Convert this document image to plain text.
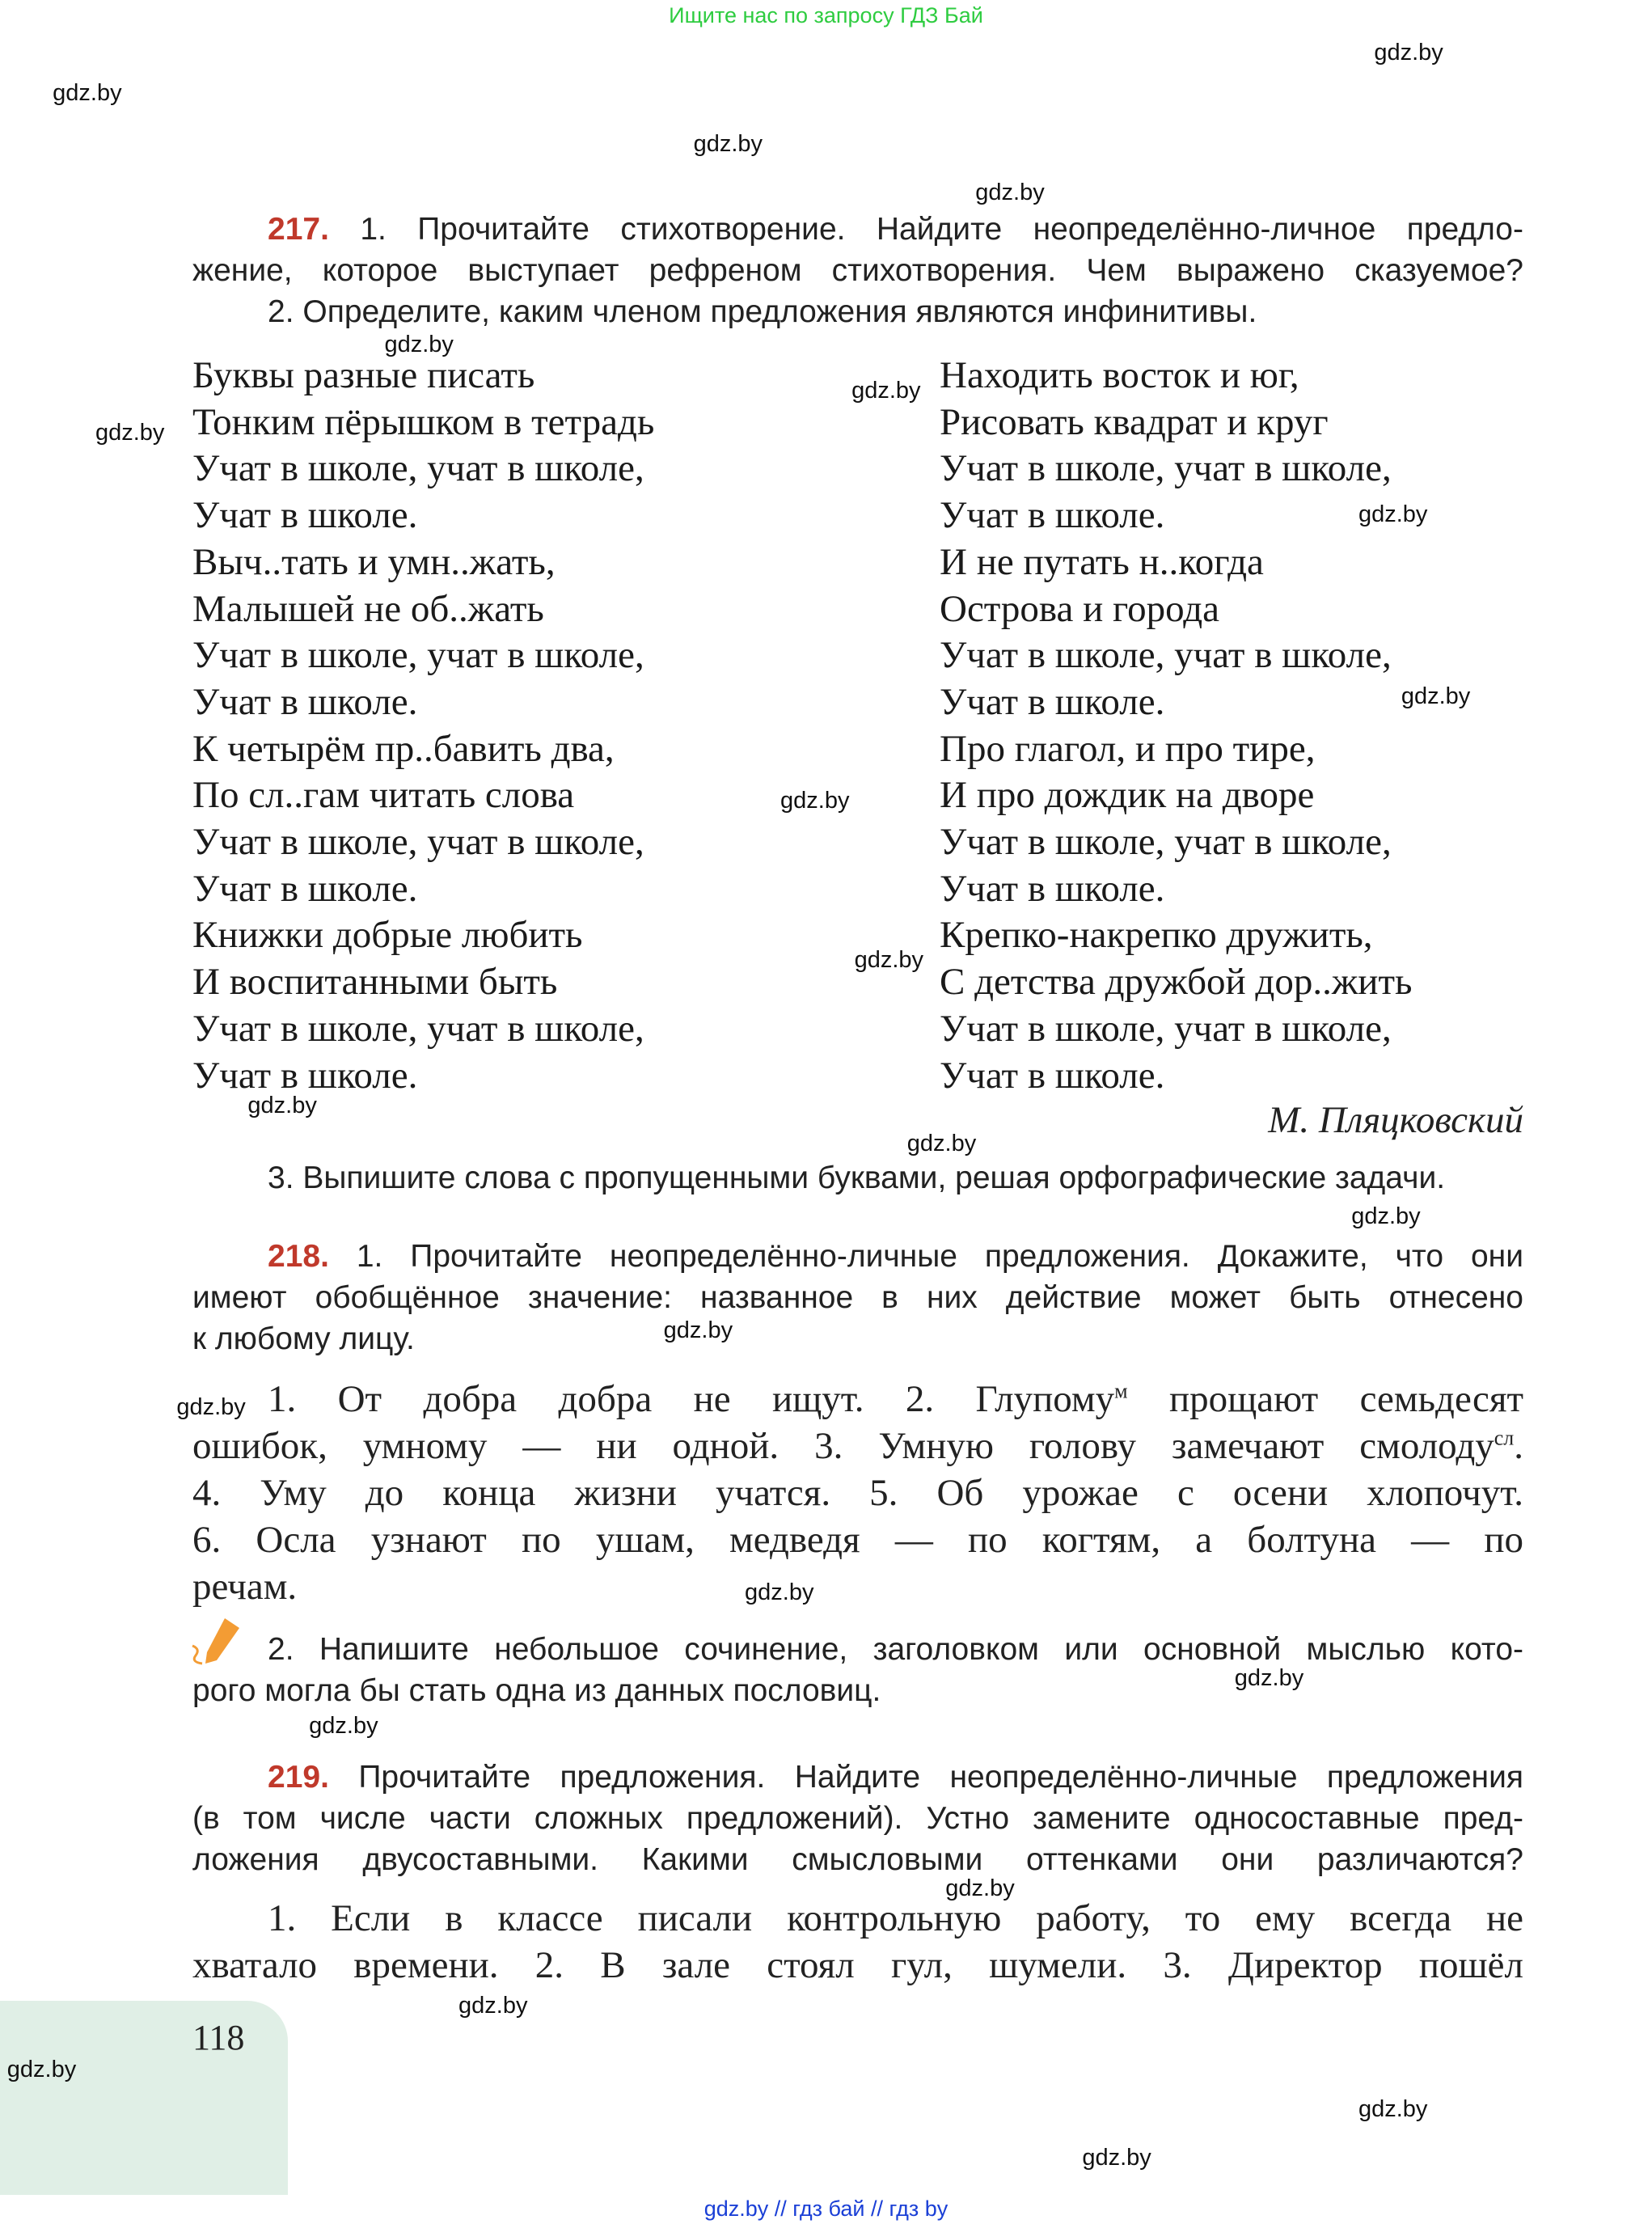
Ищите нас по запросу ГДЗ Бай
217. 1. Прочитайте стихотворение. Найдите неопределённо-личное предло-
жение, которое выступает рефреном стихотворения. Чем выражено сказуемое?
2. Определите, каким членом предложения являются инфинитивы.
Буквы разные писать
Тонким пёрышком в тетрадь
Учат в школе, учат в школе,
Учат в школе.
Выч..тать и умн..жать,
Малышей не об..жать
Учат в школе, учат в школе,
Учат в школе.
К четырём пр..бавить два,
По сл..гам читать слова
Учат в школе, учат в школе,
Учат в школе.
Книжки добрые любить
И воспитанными быть
Учат в школе, учат в школе,
Учат в школе.
Находить восток и юг,
Рисовать квадрат и круг
Учат в школе, учат в школе,
Учат в школе.
И не путать н..когда
Острова и города
Учат в школе, учат в школе,
Учат в школе.
Про глагол, и про тире,
И про дождик на дворе
Учат в школе, учат в школе,
Учат в школе.
Крепко-накрепко дружить,
С детства дружбой дор..жить
Учат в школе, учат в школе,
Учат в школе.
М. Пляцковский
3. Выпишите слова с пропущенными буквами, решая орфографические задачи.
218. 1. Прочитайте неопределённо-личные предложения. Докажите, что они
имеют обобщённое значение: названное в них действие может быть отнесено
к любому лицу.
1. От добра добра не ищут. 2. Глупому$^м$ прощают семьдесят
ошибок, умному — ни одной. 3. Умную голову замечают смолоду$^{сл}$.
4. Уму до конца жизни учатся. 5. Об урожае с осени хлопочут.
6. Осла узнают по ушам, медведя — по когтям, а болтуна — по
речам.
2. Напишите небольшое сочинение, заголовком или основной мыслью кото-
рого могла бы стать одна из данных пословиц.
219. Прочитайте предложения. Найдите неопределённо-личные предложения
(в том числе части сложных предложений). Устно замените односоставные пред-
ложения двусоставными. Какими смысловыми оттенками они различаются?
1. Если в классе писали контрольную работу, то ему всегда не
хватало времени. 2. В зале стоял гул, шумели. 3. Директор пошёл
118
gdz.by
gdz.by
gdz.by
gdz.by
gdz.by
gdz.by
gdz.by
gdz.by
gdz.by
gdz.by
gdz.by
gdz.by
gdz.by
gdz.by
gdz.by
gdz.by
gdz.by
gdz.by
gdz.by
gdz.by
gdz.by
gdz.by
gdz.by
gdz.by
gdz.by // гдз бай // гдз by
